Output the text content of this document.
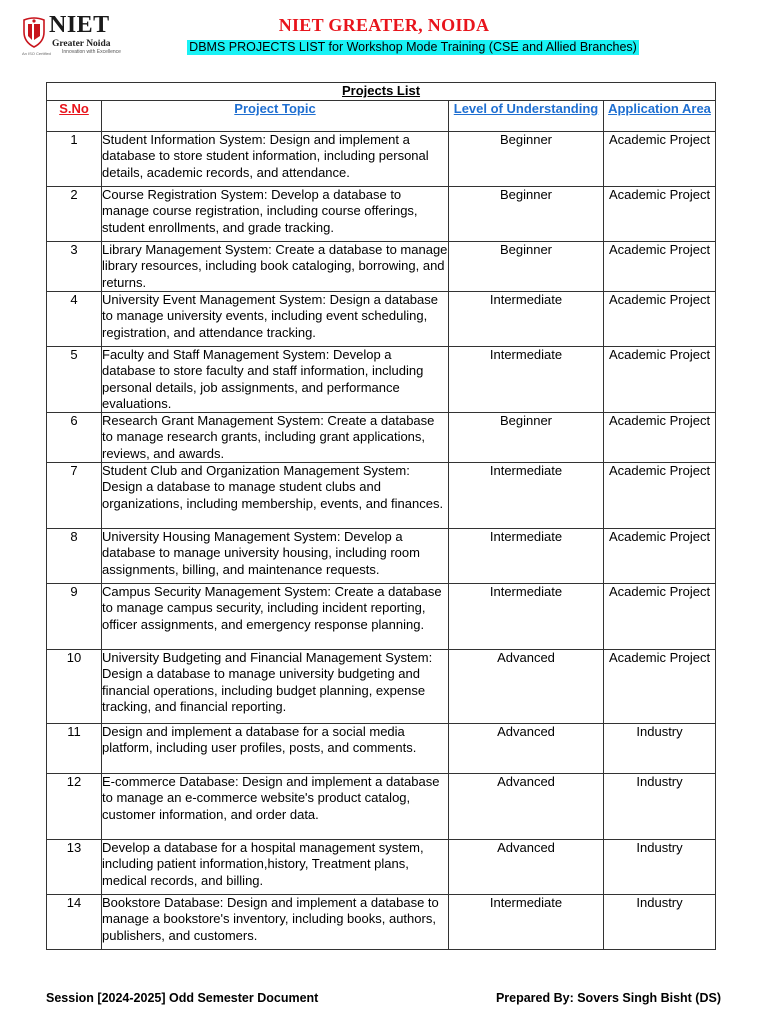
NIET
Greater Noida
Innovation with Excellence
An ISO Certified
NIET GREATER, NOIDA
DBMS PROJECTS LIST for Workshop Mode Training (CSE and Allied Branches)
Projects List			
S.No	Project Topic	Level of Understanding	Application Area
1	Student Information System: Design and implement a database to store student information, including personal details, academic records, and attendance.	Beginner	Academic Project
2	Course Registration System: Develop a database to manage course registration, including course offerings, student enrollments, and grade tracking.	Beginner	Academic Project
3	Library Management System: Create a database to manage library resources, including book cataloging, borrowing, and returns.	Beginner	Academic Project
4	University Event Management System: Design a database to manage university events, including event scheduling, registration, and attendance tracking.	Intermediate	Academic Project
5	Faculty and Staff Management System: Develop a database to store faculty and staff information, including personal details, job assignments, and performance evaluations.	Intermediate	Academic Project
6	Research Grant Management System: Create a database to manage research grants, including grant applications, reviews, and awards.	Beginner	Academic Project
7	Student Club and Organization Management System: Design a database to manage student clubs and organizations, including membership, events, and finances.	Intermediate	Academic Project
8	University Housing Management System: Develop a database to manage university housing, including room assignments, billing, and maintenance requests.	Intermediate	Academic Project
9	Campus Security Management System: Create a database to manage campus security, including incident reporting, officer assignments, and emergency response planning.	Intermediate	Academic Project
10	University Budgeting and Financial Management System: Design a database to manage university budgeting and financial operations, including budget planning, expense tracking, and financial reporting.	Advanced	Academic Project
11	Design and implement a database for a social media platform, including user profiles, posts, and comments.	Advanced	Industry
12	E-commerce Database: Design and implement a database to manage an e-commerce website's product catalog, customer information, and order data.	Advanced	Industry
13	Develop a database for a hospital management system, including patient information,history, Treatment plans, medical records, and billing.	Advanced	Industry
14	Bookstore Database: Design and implement a database to manage a bookstore's inventory, including books, authors, publishers, and customers.	Intermediate	Industry
Session [2024-2025] Odd Semester Document	Prepared By: Sovers Singh Bisht (DS)
